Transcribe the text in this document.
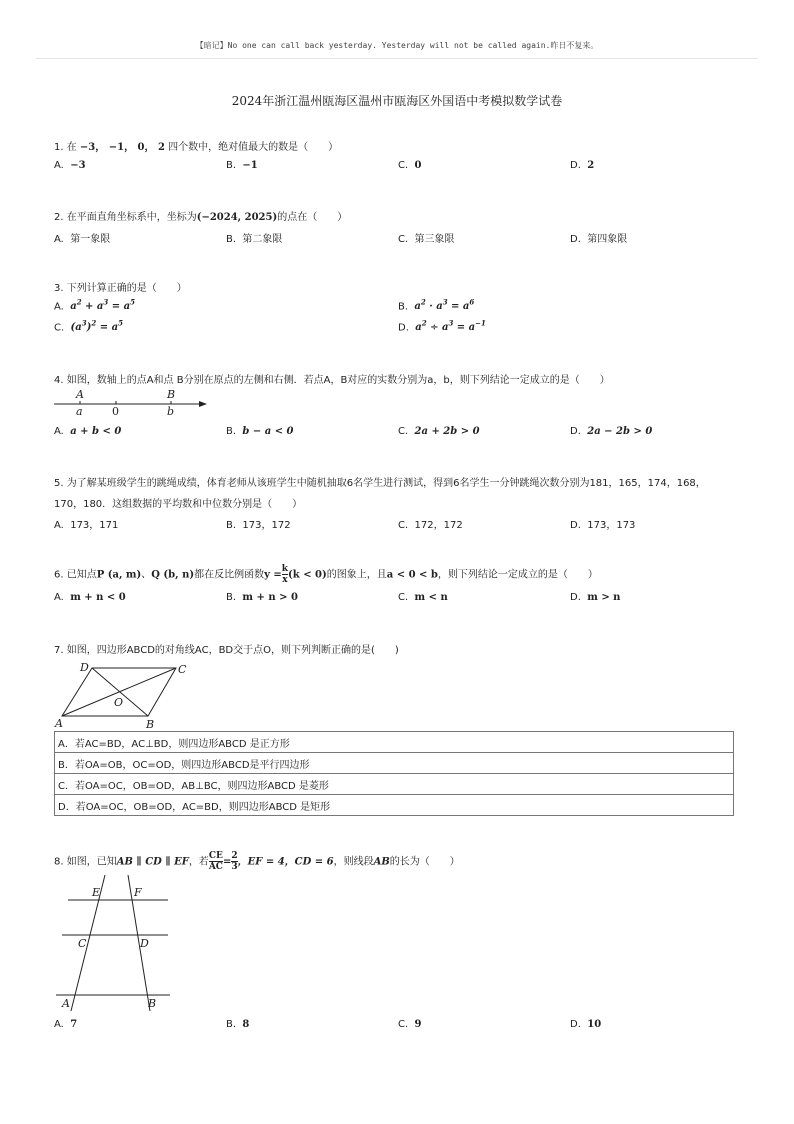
【暗记】No one can call back yesterday. Yesterday will not be called again.昨日不复来。
2024年浙江温州瓯海区温州市瓯海区外国语中考模拟数学试卷
1. 在 −3， −1， 0， 2 四个数中，绝对值最大的数是（　　）
A. −3	B. −1	C. 0	D. 2
2. 在平面直角坐标系中，坐标为(−2024, 2025)的点在（　　）
A. 第一象限	B. 第二象限	C. 第三象限	D. 第四象限
3. 下列计算正确的是（　　）
A. $a^2 + a^3 = a^5$	B. $a^2 \cdot a^3 = a^6$
C. $(a^3)^2 = a^5$	D. $a^2 \div a^3 = a^{-1}$
4. 如图，数轴上的点A和点 B分别在原点的左侧和右侧．若点A，B对应的实数分别为a，b，则下列结论一定成立的是（　　）
A	B
a	0	b
A. a + b < 0	B. b − a < 0	C. 2a + 2b > 0	D. 2a − 2b > 0
5. 为了解某班级学生的跳绳成绩，体育老师从该班学生中随机抽取6名学生进行测试，得到6名学生一分钟跳绳次数分别为181，165，174，168，
170，180．这组数据的平均数和中位数分别是（　　）
A. 173，171	B. 173，172	C. 172，172	D. 173，173
6. 已知点P (a, m)、Q (b, n)都在反比例函数$y = \frac{k}{x} (k < 0)$的图象上，且a < 0 < b，则下列结论一定成立的是（　　）
A. m + n < 0	B. m + n > 0	C. m < n	D. m > n
7. 如图，四边形ABCD的对角线AC，BD交于点O，则下列判断正确的是(　　)
A	B
C
D
O
A．若AC=BD，AC⊥BD，则四边形ABCD 是正方形
B．若OA=OB，OC=OD，则四边形ABCD是平行四边形
C．若OA=OC，OB=OD，AB⊥BC，则四边形ABCD 是菱形
D．若OA=OC，OB=OD，AC=BD，则四边形ABCD 是矩形
8. 如图，已知AB ∥ CD ∥ EF，若 $\frac{CE}{AC} = \frac{2}{3}$ ，EF = 4，CD = 6，则线段AB的长为（　　）
E	F
C	D
A	B
A. 7	B. 8	C. 9	D. 10
